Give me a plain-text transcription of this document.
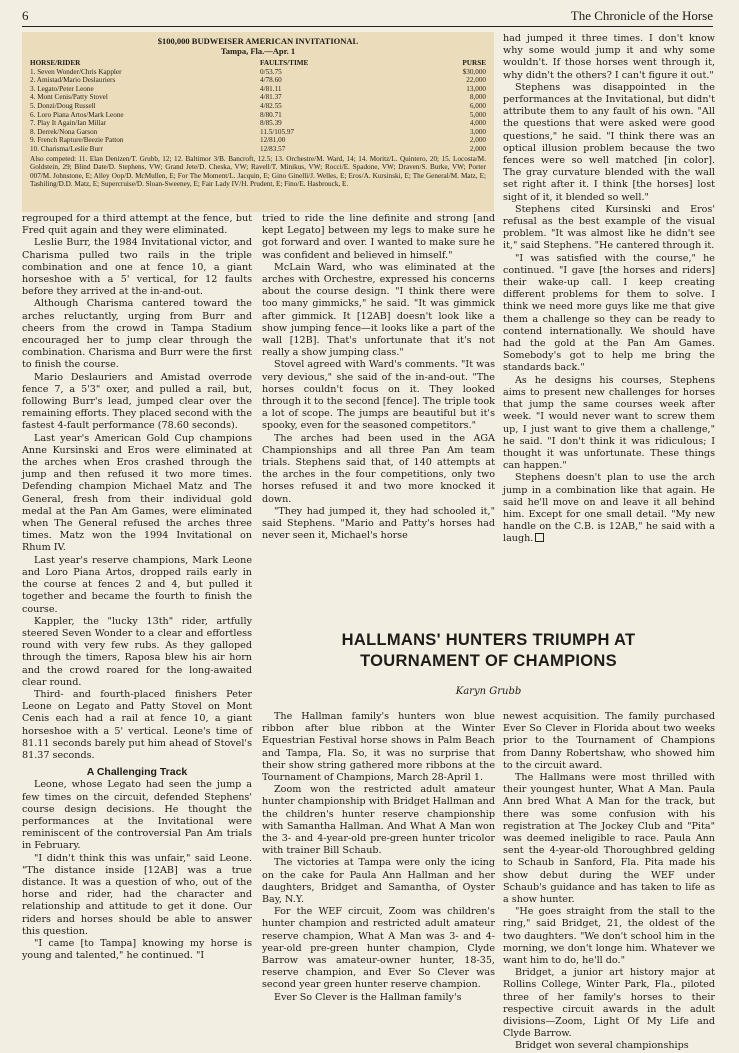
6	The Chronicle of the Horse
$100,000 BUDWEISER AMERICAN INVITATIONAL
Tampa, Fla.—Apr. 1
HORSE/RIDER	FAULTS/TIME	PURSE
1. Seven Wonder/Chris Kappler	0/53.75	$30,000
2. Amistad/Mario Deslauriers	4/78.60	22,000
3. Legato/Peter Leone	4/81.11	13,000
4. Mont Cenis/Patty Stovel	4/81.37	8,000
5. Donzi/Doug Russell	4/82.55	6,000
6. Loro Piana Artos/Mark Leone	8/80.71	5,000
7. Play It Again/Ian Millar	8/85.39	4,000
8. Derrek/Nona Garson	11.5/105.97	3,000
9. French Rapture/Beezie Patton	12/81.00	2,000
10. Charisma/Leslie Burr	12/83.57	2,000
Also competed: 11. Elan Denizen/T. Grubb, 12; 12. Baltimor 3/B. Bancroft, 12.5; 13. Orchestre/M. Ward, 14; 14. Moritz/L. Quintero, 20; 15. Locosta/M. Goldstein, 29; Blind Date/D. Stephens, VW; Grand Jete/D. Cheska, VW; Ravell/T. Minikus, VW; Rocci/E. Spadone, VW; Draven/S. Burke, VW; Porter 007/M. Johnstone, E; Alley Oop/D. McMullen, E; For The Moment/L. Jacquin, E; Gino Ginelli/J. Welles, E; Eros/A. Kursinski, E; The General/M. Matz, E; Tashiling/D.D. Matz, E; Supercruise/D. Sloan-Sweeney, E; Fair Lady IV/H. Prudent, E; Fino/E. Hasbrouck, E.

regrouped for a third attempt at the fence, but Fred quit again and they were eliminated.

Leslie Burr, the 1984 Invitational victor, and Charisma pulled two rails in the triple combination and one at fence 10, a giant horseshoe with a 5' vertical, for 12 faults before they arrived at the in-and-out.

Although Charisma cantered toward the arches reluctantly, urging from Burr and cheers from the crowd in Tampa Stadium encouraged her to jump clear through the combination. Charisma and Burr were the first to finish the course.

Mario Deslauriers and Amistad overrode fence 7, a 5'3" oxer, and pulled a rail, but, following Burr's lead, jumped clear over the remaining efforts. They placed second with the fastest 4-fault performance (78.60 seconds).

Last year's American Gold Cup champions Anne Kursinski and Eros were eliminated at the arches when Eros crashed through the jump and then refused it two more times. Defending champion Michael Matz and The General, fresh from their individual gold medal at the Pan Am Games, were eliminated when The General refused the arches three times. Matz won the 1994 Invitational on Rhum IV.

Last year's reserve champions, Mark Leone and Loro Piana Artos, dropped rails early in the course at fences 2 and 4, but pulled it together and became the fourth to finish the course.

Kappler, the "lucky 13th" rider, artfully steered Seven Wonder to a clear and effortless round with very few rubs. As they galloped through the timers, Raposa blew his air horn and the crowd roared for the long-awaited clear round.

Third- and fourth-placed finishers Peter Leone on Legato and Patty Stovel on Mont Cenis each had a rail at fence 10, a giant horseshoe with a 5' vertical. Leone's time of 81.11 seconds barely put him ahead of Stovel's 81.37 seconds.

A Challenging Track

Leone, whose Legato had seen the jump a few times on the circuit, defended Stephens' course design decisions. He thought the performances at the Invitational were reminiscent of the controversial Pan Am trials in February.

"I didn't think this was unfair," said Leone. "The distance inside [12AB] was a true distance. It was a question of who, out of the horse and rider, had the character and relationship and attitude to get it done. Our riders and horses should be able to answer this question.

"I came [to Tampa] knowing my horse is young and talented," he continued. "I

tried to ride the line definite and strong [and kept Legato] between my legs to make sure he got forward and over. I wanted to make sure he was confident and believed in himself."

McLain Ward, who was eliminated at the arches with Orchestre, expressed his concerns about the course design. "I think there were too many gimmicks," he said. "It was gimmick after gimmick. It [12AB] doesn't look like a show jumping fence—it looks like a part of the wall [12B]. That's unfortunate that it's not really a show jumping class."

Stovel agreed with Ward's comments. "It was very devious," she said of the in-and-out. "The horses couldn't focus on it. They looked through it to the second [fence]. The triple took a lot of scope. The jumps are beautiful but it's spooky, even for the seasoned competitors."

The arches had been used in the AGA Championships and all three Pan Am team trials. Stephens said that, of 140 attempts at the arches in the four competitions, only two horses refused it and two more knocked it down.

"They had jumped it, they had schooled it," said Stephens. "Mario and Patty's horses had never seen it, Michael's horse

had jumped it three times. I don't know why some would jump it and why some wouldn't. If those horses went through it, why didn't the others? I can't figure it out."

Stephens was disappointed in the performances at the Invitational, but didn't attribute them to any fault of his own. "All the questions that were asked were good questions," he said. "I think there was an optical illusion problem because the two fences were so well matched [in color]. The gray curvature blended with the wall set right after it. I think [the horses] lost sight of it, it blended so well."

Stephens cited Kursinski and Eros' refusal as the best example of the visual problem. "It was almost like he didn't see it," said Stephens. "He cantered through it.

"I was satisfied with the course," he continued. "I gave [the horses and riders] their wake-up call. I keep creating different problems for them to solve. I think we need more guys like me that give them a challenge so they can be ready to contend internationally. We should have had the gold at the Pan Am Games. Somebody's got to help me bring the standards back."

As he designs his courses, Stephens aims to present new challenges for horses that jump the same courses week after week. "I would never want to screw them up, I just want to give them a challenge," he said. "I don't think it was ridiculous; I thought it was unfortunate. These things can happen."

Stephens doesn't plan to use the arch jump in a combination like that again. He said he'll move on and leave it all behind him. Except for one small detail. "My new handle on the C.B. is 12AB," he said with a laugh.

HALLMANS' HUNTERS TRIUMPH AT
TOURNAMENT OF CHAMPIONS
Karyn Grubb

The Hallman family's hunters won blue ribbon after blue ribbon at the Winter Equestrian Festival horse shows in Palm Beach and Tampa, Fla. So, it was no surprise that their show string gathered more ribbons at the Tournament of Champions, March 28-April 1.

Zoom won the restricted adult amateur hunter championship with Bridget Hallman and the children's hunter reserve championship with Samantha Hallman. And What A Man won the 3- and 4-year-old pre-green hunter tricolor with trainer Bill Schaub.

The victories at Tampa were only the icing on the cake for Paula Ann Hallman and her daughters, Bridget and Samantha, of Oyster Bay, N.Y.

For the WEF circuit, Zoom was children's hunter champion and restricted adult amateur reserve champion, What A Man was 3- and 4-year-old pre-green hunter champion, Clyde Barrow was amateur-owner hunter, 18-35, reserve champion, and Ever So Clever was second year green hunter reserve champion.

Ever So Clever is the Hallman family's

newest acquisition. The family purchased Ever So Clever in Florida about two weeks prior to the Tournament of Champions from Danny Robertshaw, who showed him to the circuit award.

The Hallmans were most thrilled with their youngest hunter, What A Man. Paula Ann bred What A Man for the track, but there was some confusion with his registration at The Jockey Club and "Pita" was deemed ineligible to race. Paula Ann sent the 4-year-old Thoroughbred gelding to Schaub in Sanford, Fla. Pita made his show debut during the WEF under Schaub's guidance and has taken to life as a show hunter.

"He goes straight from the stall to the ring," said Bridget, 21, the oldest of the two daughters. "We don't school him in the morning, we don't longe him. Whatever we want him to do, he'll do."

Bridget, a junior art history major at Rollins College, Winter Park, Fla., piloted three of her family's horses to their respective circuit awards in the adult divisions—Zoom, Light Of My Life and Clyde Barrow.

Bridget won several championships
